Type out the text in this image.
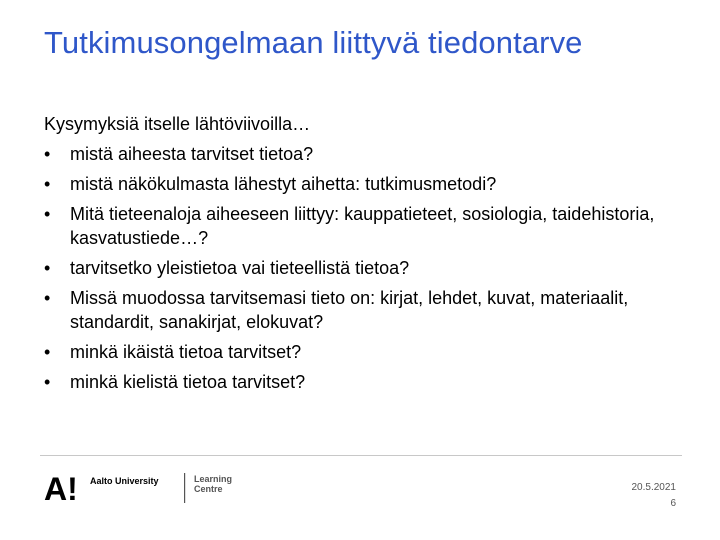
Tutkimusongelmaan liittyvä tiedontarve
Kysymyksiä itselle lähtöviivoilla…
• mistä aiheesta tarvitset tietoa?
• mistä näkökulmasta lähestyt aihetta: tutkimusmetodi?
• Mitä tieteenaloja aiheeseen liittyy: kauppatieteet, sosiologia, taidehistoria, kasvatustiede…?
• tarvitsetko yleistietoa vai tieteellistä tietoa?
• Missä muodossa tarvitsemasi tieto on: kirjat, lehdet, kuvat, materiaalit, standardit, sanakirjat, elokuvat?
• minkä ikäistä tietoa tarvitset?
• minkä kielistä tietoa tarvitset?
A! Aalto University	Learning
Centre	20.5.2021
6
